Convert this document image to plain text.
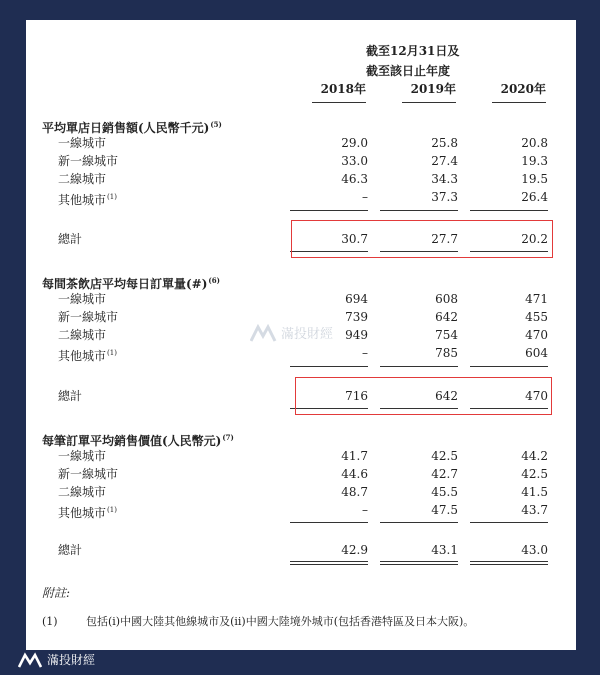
截至12月31日及
截至該日止年度
2018年	2019年	2020年
平均單店日銷售額(人民幣千元)$^{(5)}$
一線城市	29.0	25.8	20.8
新一線城市	33.0	27.4	19.3
二線城市	46.3	34.3	19.5
其他城市$^{(1)}$	–	37.3	26.4
總計	30.7	27.7	20.2
每間茶飲店平均每日訂單量(#)$^{(6)}$
一線城市	694	608	471
新一線城市	739	642	455
二線城市	949	754	470
其他城市$^{(1)}$	–	785	604
總計	716	642	470
每筆訂單平均銷售價值(人民幣元)$^{(7)}$
一線城市	41.7	42.5	44.2
新一線城市	44.6	42.7	42.5
二線城市	48.7	45.5	41.5
其他城市$^{(1)}$	–	47.5	43.7
總計	42.9	43.1	43.0
附註:
(1)	包括(i)中國大陸其他線城市及(ii)中國大陸境外城市(包括香港特區及日本大阪)。
滿投財經
滿投財經
